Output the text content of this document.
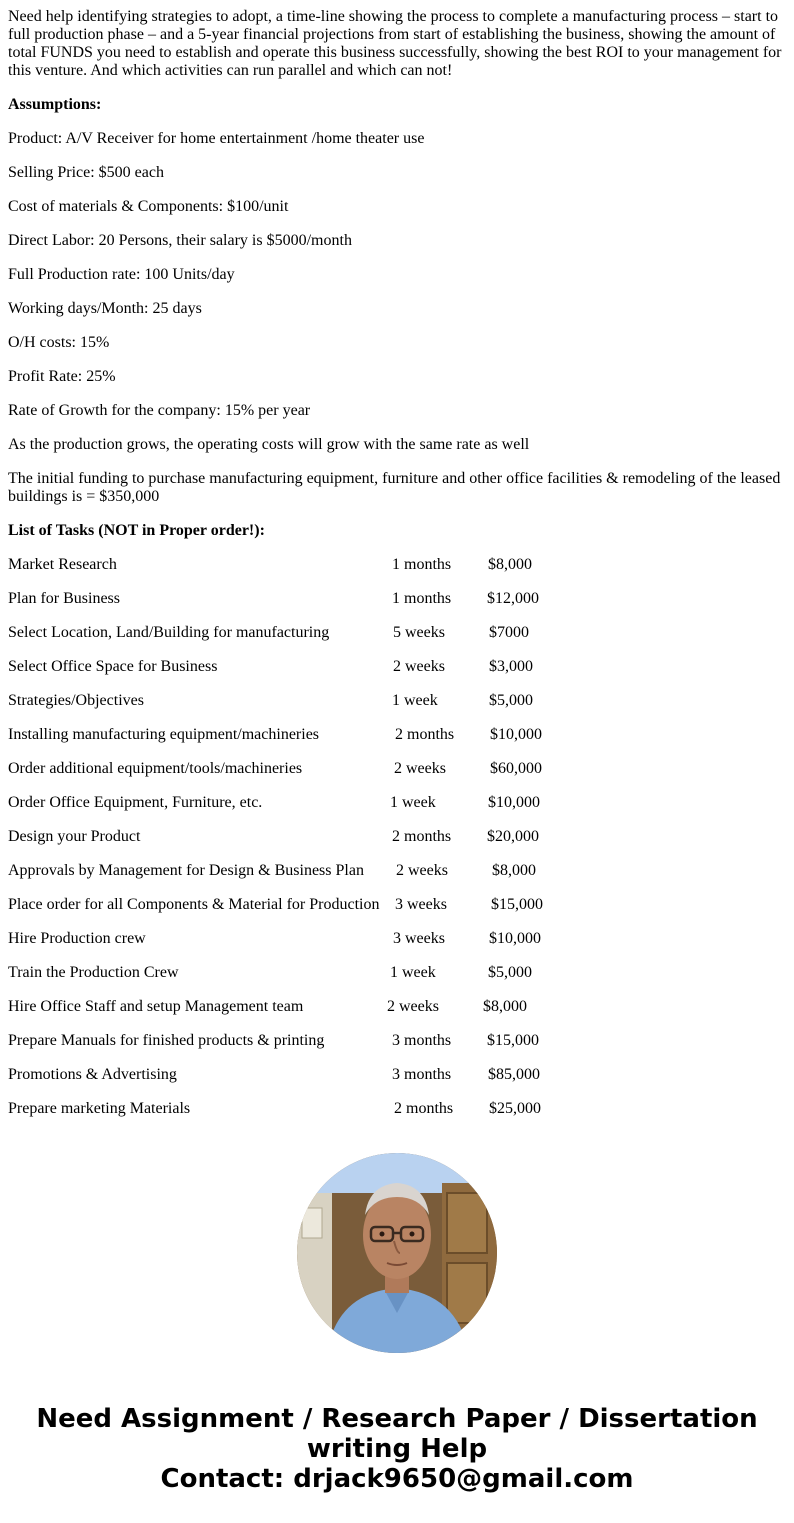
Need help identifying strategies to adopt, a time-line showing the process to complete a manufacturing process – start to full production phase – and a 5-year financial projections from start of establishing the business, showing the amount of total FUNDS you need to establish and operate this business successfully, showing the best ROI to your management for this venture. And which activities can run parallel and which can not!

Assumptions:

Product: A/V Receiver for home entertainment /home theater use

Selling Price: $500 each

Cost of materials & Components: $100/unit

Direct Labor: 20 Persons, their salary is $5000/month

Full Production rate: 100 Units/day

Working days/Month: 25 days

O/H costs: 15%

Profit Rate: 25%

Rate of Growth for the company: 15% per year

As the production grows, the operating costs will grow with the same rate as well

The initial funding to purchase manufacturing equipment, furniture and other office facilities & remodeling of the leased buildings is = $350,000

List of Tasks (NOT in Proper order!):

Market Research	1 months $8,000
Plan for Business	1 months $12,000
Select Location, Land/Building for manufacturing	5 weeks	$7000
Select Office Space for Business	2 weeks	$3,000
Strategies/Objectives	1 week	$5,000
Installing manufacturing equipment/machineries	2 months $10,000
Order additional equipment/tools/machineries	2 weeks	$60,000
Order Office Equipment, Furniture, etc.	1 week	$10,000
Design your Product	2 months $20,000
Approvals by Management for Design & Business Plan 2 weeks	$8,000
Place order for all Components & Material for Production 3 weeks	$15,000
Hire Production crew	3 weeks	$10,000
Train the Production Crew	1 week	$5,000
Hire Office Staff and setup Management team	2 weeks	$8,000
Prepare Manuals for finished products & printing	3 months $15,000
Promotions & Advertising	3 months $85,000
Prepare marketing Materials	2 months $25,000
Need Assignment / Research Paper / Dissertation
writing Help
Contact: drjack9650@gmail.com
